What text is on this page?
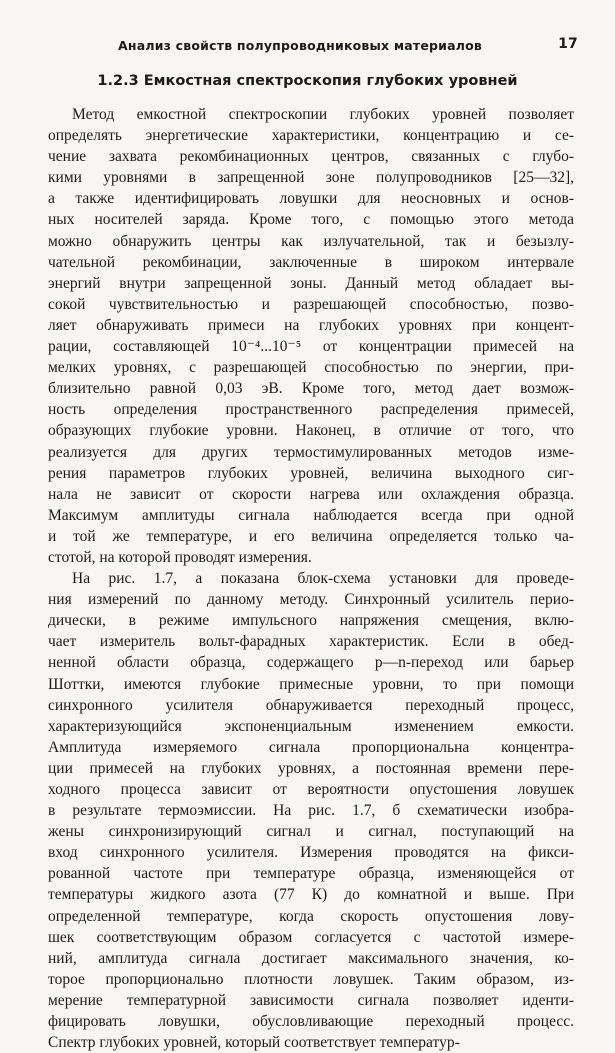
Анализ свойств полупроводниковых материалов	17
1.2.3 Емкостная спектроскопия глубоких уровней
Метод емкостной спектроскопии глубоких уровней позволяет
определять энергетические характеристики, концентрацию и се-
чение захвата рекомбинационных центров, связанных с глубо-
кими уровнями в запрещенной зоне полупроводников [25—32],
а также идентифицировать ловушки для неосновных и основ-
ных носителей заряда. Кроме того, с помощью этого метода
можно обнаружить центры как излучательной, так и безызлу-
чательной рекомбинации, заключенные в широком интервале
энергий внутри запрещенной зоны. Данный метод обладает вы-
сокой чувствительностью и разрешающей способностью, позво-
ляет обнаруживать примеси на глубоких уровнях при концент-
рации, составляющей 10⁻⁴...10⁻⁵ от концентрации примесей на
мелких уровнях, с разрешающей способностью по энергии, при-
близительно равной 0,03 эВ. Кроме того, метод дает возмож-
ность определения пространственного распределения примесей,
образующих глубокие уровни. Наконец, в отличие от того, что
реализуется для других термостимулированных методов изме-
рения параметров глубоких уровней, величина выходного сиг-
нала не зависит от скорости нагрева или охлаждения образца.
Максимум амплитуды сигнала наблюдается всегда при одной
и той же температуре, и его величина определяется только ча-
стотой, на которой проводят измерения.
На рис. 1.7, а показана блок-схема установки для проведе-
ния измерений по данному методу. Синхронный усилитель перио-
дически, в режиме импульсного напряжения смещения, вклю-
чает измеритель вольт-фарадных характеристик. Если в обед-
ненной области образца, содержащего p—n-переход или барьер
Шоттки, имеются глубокие примесные уровни, то при помощи
синхронного усилителя обнаруживается переходный процесс,
характеризующийся экспоненциальным изменением емкости.
Амплитуда измеряемого сигнала пропорциональна концентра-
ции примесей на глубоких уровнях, а постоянная времени пере-
ходного процесса зависит от вероятности опустошения ловушек
в результате термоэмиссии. На рис. 1.7, б схематически изобра-
жены синхронизирующий сигнал и сигнал, поступающий на
вход синхронного усилителя. Измерения проводятся на фикси-
рованной частоте при температуре образца, изменяющейся от
температуры жидкого азота (77 К) до комнатной и выше. При
определенной температуре, когда скорость опустошения лову-
шек соответствующим образом согласуется с частотой измере-
ний, амплитуда сигнала достигает максимального значения, ко-
торое пропорционально плотности ловушек. Таким образом, из-
мерение температурной зависимости сигнала позволяет иденти-
фицировать ловушки, обусловливающие переходный процесс.
Спектр глубоких уровней, который соответствует температур-
